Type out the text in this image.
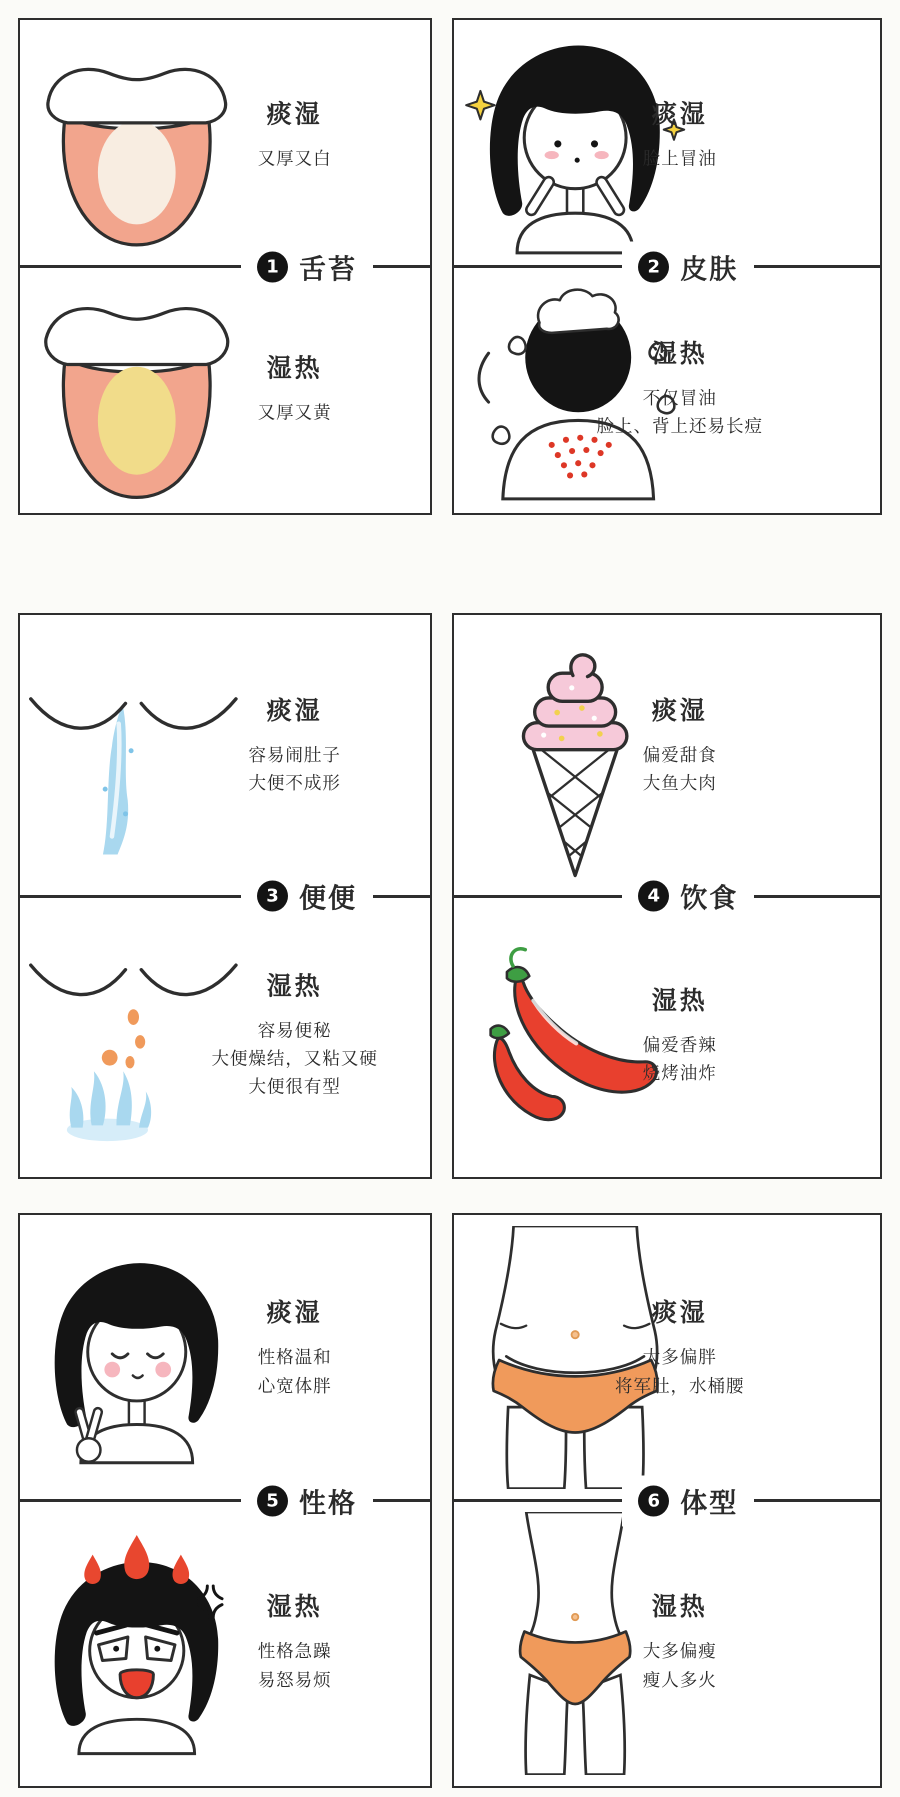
痰湿
又厚又白
1 舌苔
湿热
又厚又黄
痰湿
脸上冒油
2 皮肤
湿热
不仅冒油
脸上、背上还易长痘
痰湿
容易闹肚子
大便不成形
3 便便
湿热
容易便秘
大便燥结，又粘又硬
大便很有型
痰湿
偏爱甜食
大鱼大肉
4 饮食
湿热
偏爱香辣
烧烤油炸
痰湿
性格温和
心宽体胖
5 性格
湿热
性格急躁
易怒易烦
痰湿
大多偏胖
将军肚，水桶腰
6 体型
湿热
大多偏瘦
瘦人多火
